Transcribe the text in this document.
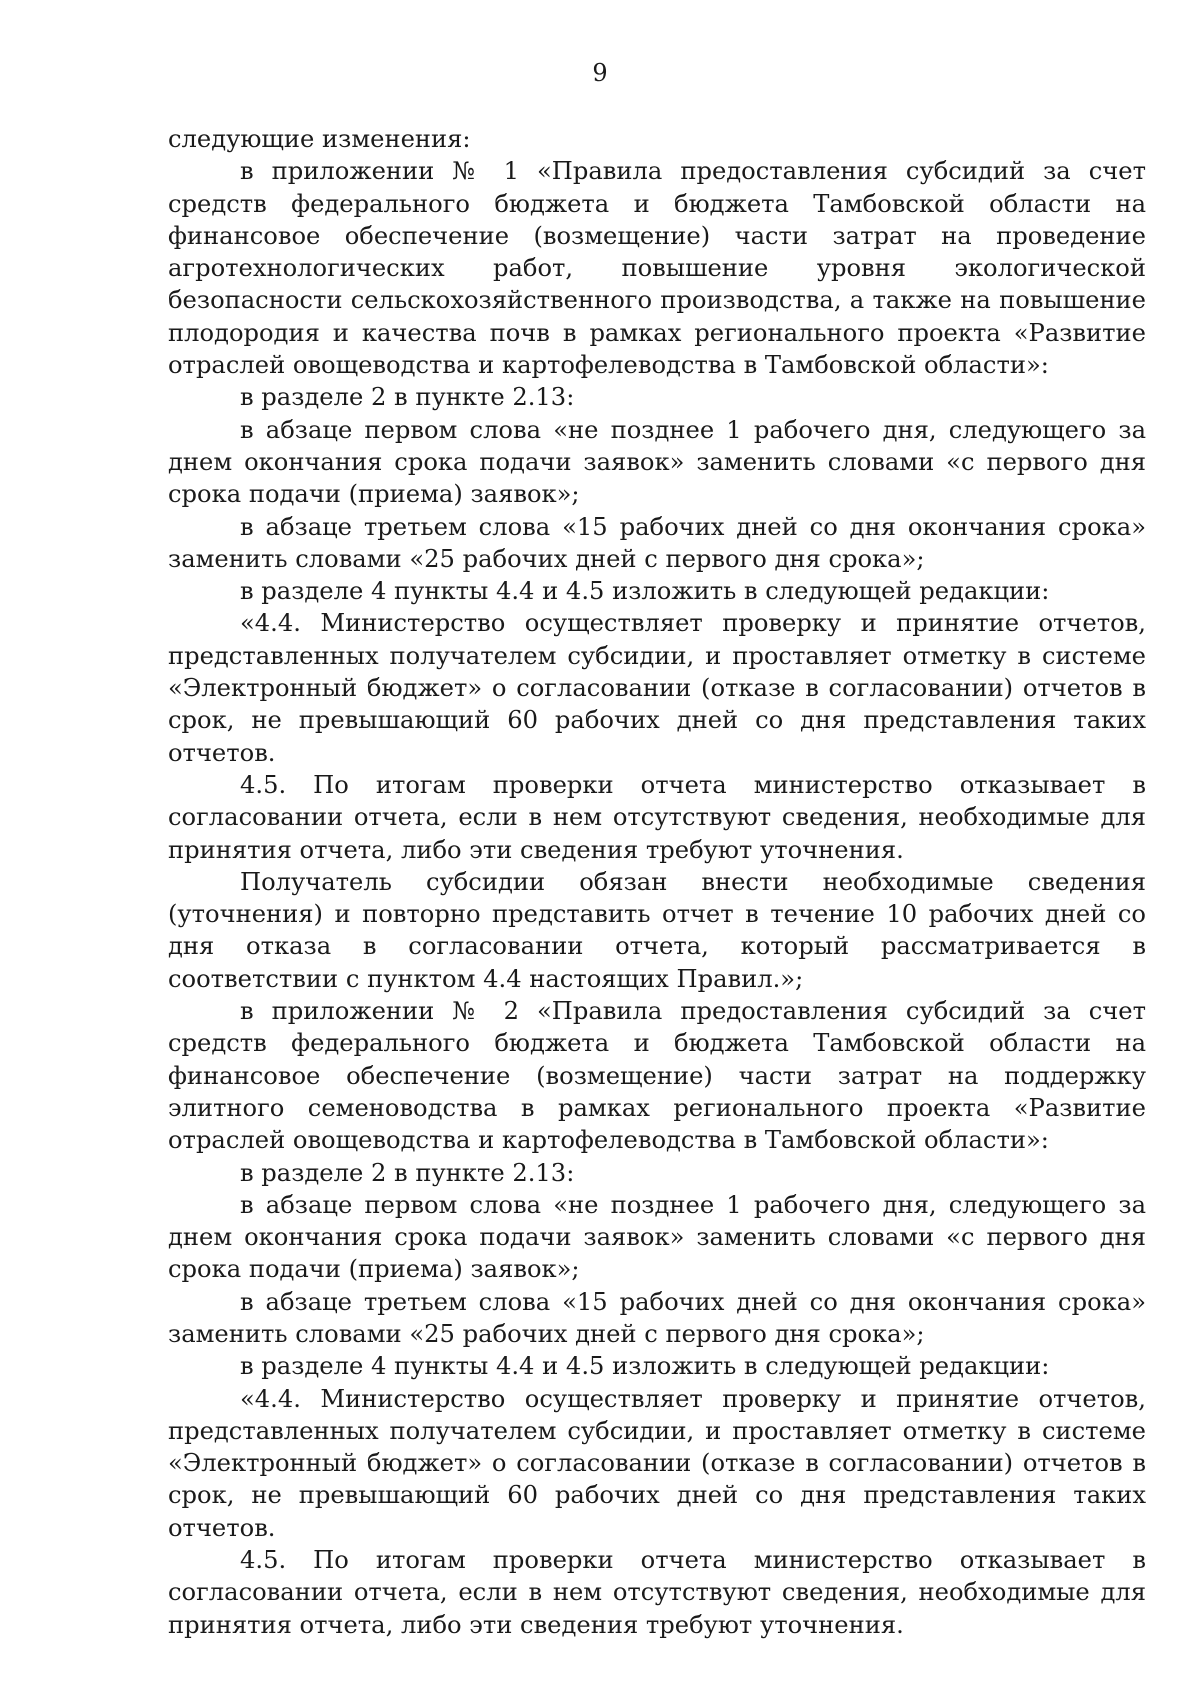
9

следующие изменения:

в приложении № 1 «Правила предоставления субсидий за счет средств федерального бюджета и бюджета Тамбовской области на финансовое обеспечение (возмещение) части затрат на проведение агротехнологических работ, повышение уровня экологической безопасности сельскохозяйственного производства, а также на повышение плодородия и качества почв в рамках регионального проекта «Развитие отраслей овощеводства и картофелеводства в Тамбовской области»:

в разделе 2 в пункте 2.13:

в абзаце первом слова «не позднее 1 рабочего дня, следующего за днем окончания срока подачи заявок» заменить словами «с первого дня срока подачи (приема) заявок»;

в абзаце третьем слова «15 рабочих дней со дня окончания срока» заменить словами «25 рабочих дней с первого дня срока»;

в разделе 4 пункты 4.4 и 4.5 изложить в следующей редакции:

«4.4. Министерство осуществляет проверку и принятие отчетов, представленных получателем субсидии, и проставляет отметку в системе «Электронный бюджет» о согласовании (отказе в согласовании) отчетов в срок, не превышающий 60 рабочих дней со дня представления таких отчетов.

4.5. По итогам проверки отчета министерство отказывает в согласовании отчета, если в нем отсутствуют сведения, необходимые для принятия отчета, либо эти сведения требуют уточнения.

Получатель субсидии обязан внести необходимые сведения (уточнения) и повторно представить отчет в течение 10 рабочих дней со дня отказа в согласовании отчета, который рассматривается в соответствии с пунктом 4.4 настоящих Правил.»;

в приложении № 2 «Правила предоставления субсидий за счет средств федерального бюджета и бюджета Тамбовской области на финансовое обеспечение (возмещение) части затрат на поддержку элитного семеноводства в рамках регионального проекта «Развитие отраслей овощеводства и картофелеводства в Тамбовской области»:

в разделе 2 в пункте 2.13:

в абзаце первом слова «не позднее 1 рабочего дня, следующего за днем окончания срока подачи заявок» заменить словами «с первого дня срока подачи (приема) заявок»;

в абзаце третьем слова «15 рабочих дней со дня окончания срока» заменить словами «25 рабочих дней с первого дня срока»;

в разделе 4 пункты 4.4 и 4.5 изложить в следующей редакции:

«4.4. Министерство осуществляет проверку и принятие отчетов, представленных получателем субсидии, и проставляет отметку в системе «Электронный бюджет» о согласовании (отказе в согласовании) отчетов в срок, не превышающий 60 рабочих дней со дня представления таких отчетов.

4.5. По итогам проверки отчета министерство отказывает в согласовании отчета, если в нем отсутствуют сведения, необходимые для принятия отчета, либо эти сведения требуют уточнения.
